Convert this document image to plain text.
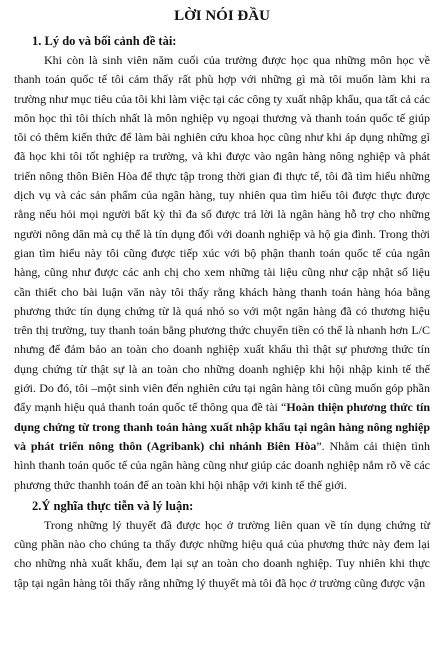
LỜI NÓI ĐẦU
1. Lý do và bối cảnh đề tài:

Khi còn là sinh viên năm cuối của trường được học qua những môn học về thanh toán quốc tế tôi cảm thấy rất phù hợp với những gì mà tôi muốn làm khi ra trường như mục tiêu của tôi khi làm việc tại các công ty xuất nhập khẩu, qua tất cả các môn học thì tôi thích nhất là môn nghiệp vụ ngoại thương và thanh toán quốc tế giúp tôi có thêm kiến thức để làm bài nghiên cứu khoa học cũng như khi áp dụng những gì đã học khi tôi tốt nghiệp ra trường, và khi được vào ngân hàng nông nghiệp và phát triển nông thôn Biên Hòa để thực tập trong thời gian đi thực tế, tôi đã tìm hiểu những dịch vụ và các sản phẩm của ngân hàng, tuy nhiên qua tìm hiểu tôi được thực được rằng nếu hỏi mọi người bất kỳ thì đa số được trả lời là ngân hàng hỗ trợ cho những người nông dân mà cụ thể là tín dụng đối với doanh nghiệp và hộ gia đình. Trong thời gian tìm hiểu này tôi cũng được tiếp xúc với bộ phận thanh toán quốc tế của ngân hàng, cũng như được các anh chị cho xem những tài liệu cũng như cập nhật số liệu cần thiết cho bài luận văn này tôi thấy rằng khách hàng thanh toán hàng hóa bằng phương thức tín dụng chứng từ là quá nhỏ so với một ngân hàng đã có thương hiệu trên thị trường, tuy thanh toán bằng phương thức chuyển tiền có thể là nhanh hơn L/C nhưng để đảm bảo an toàn cho doanh nghiệp xuất khẩu thì thật sự phương thức tín dụng chứng từ thật sự là an toàn cho những doanh nghiệp khi hội nhập kinh tế thế giới. Do đó, tôi –một sinh viên đến nghiên cứu tại ngân hàng tôi cũng muốn góp phần đẩy mạnh hiệu quả thanh toán quốc tế thông qua đề tài “Hoàn thiện phương thức tín dụng chứng từ trong thanh toán hàng xuất nhập khẩu tại ngân hàng nông nghiệp và phát triển nông thôn (Agribank) chi nhánh Biên Hòa”. Nhằm cải thiện tình hình thanh toán quốc tế của ngân hàng cũng như giúp các doanh nghiệp nắm rõ về các phương thức thanhh toán để an toàn khi hội nhập với kinh tế thế giới.

2.Ý nghĩa thực tiễn và lý luận:

Trong những lý thuyết đã được học ở trường liên quan về tín dụng chứng từ cũng phần nào cho chúng ta thấy được những hiệu quả của phương thức này đem lại cho những nhà xuất khẩu, đem lại sự an toàn cho doanh nghiệp. Tuy nhiên khi thực tập tại ngân hàng tôi thấy rằng những lý thuyết mà tôi đã học ở trường cũng được vận
